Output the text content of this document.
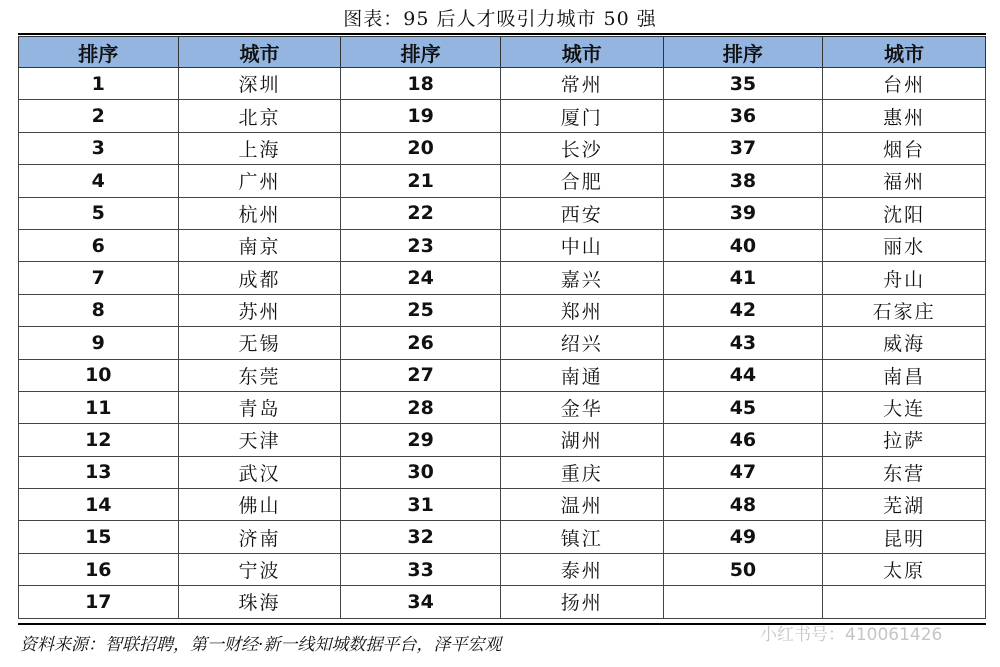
图表：95 后人才吸引力城市 50 强
排序	城市	排序	城市	排序	城市
1	深圳	18	常州	35	台州
2	北京	19	厦门	36	惠州
3	上海	20	长沙	37	烟台
4	广州	21	合肥	38	福州
5	杭州	22	西安	39	沈阳
6	南京	23	中山	40	丽水
7	成都	24	嘉兴	41	舟山
8	苏州	25	郑州	42	石家庄
9	无锡	26	绍兴	43	威海
10	东莞	27	南通	44	南昌
11	青岛	28	金华	45	大连
12	天津	29	湖州	46	拉萨
13	武汉	30	重庆	47	东营
14	佛山	31	温州	48	芜湖
15	济南	32	镇江	49	昆明
16	宁波	33	泰州	50	太原
17	珠海	34	扬州		
资料来源：智联招聘，第一财经·新一线知城数据平台，泽平宏观	小红书号：410061426
